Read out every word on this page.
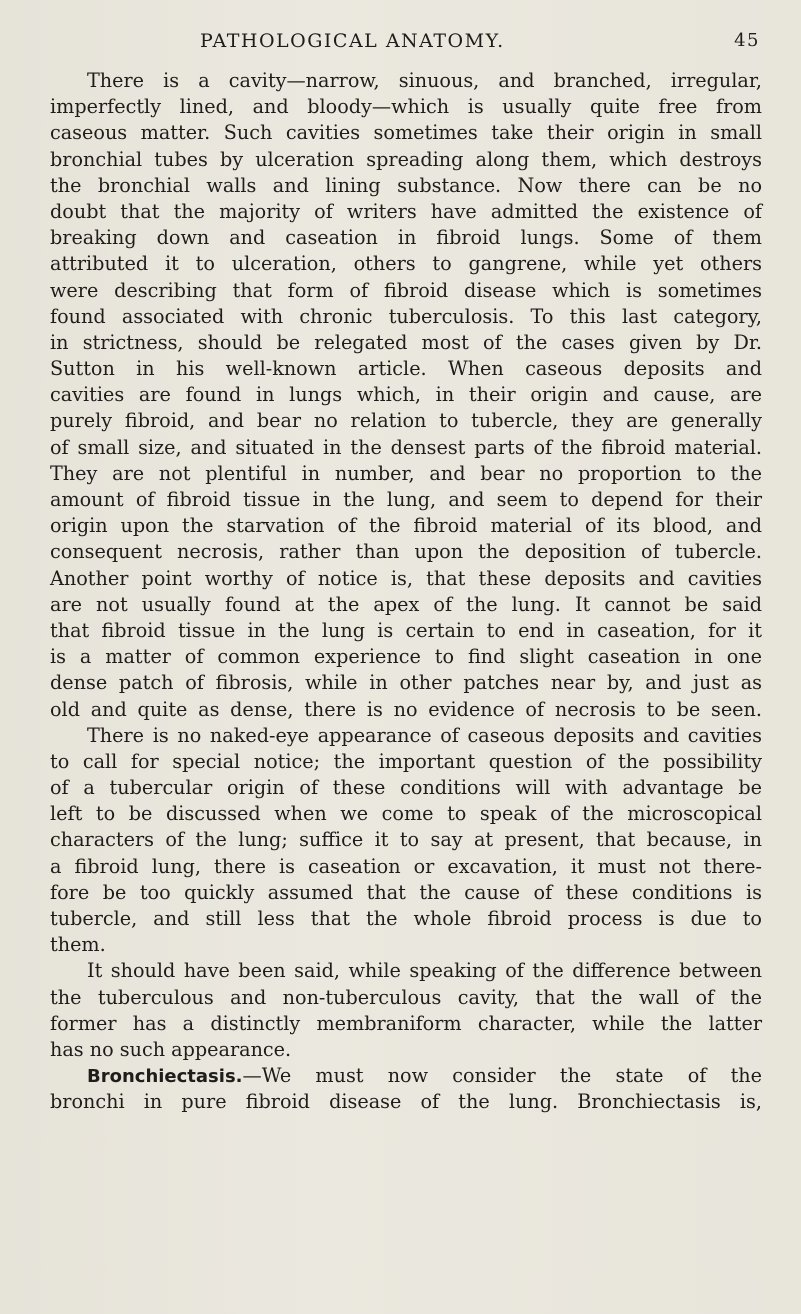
PATHOLOGICAL ANATOMY.	45
There is a cavity—narrow, sinuous, and branched, irregular,
imperfectly lined, and bloody—which is usually quite free from
caseous matter. Such cavities sometimes take their origin in small
bronchial tubes by ulceration spreading along them, which destroys
the bronchial walls and lining substance. Now there can be no
doubt that the majority of writers have admitted the existence of
breaking down and caseation in fibroid lungs. Some of them
attributed it to ulceration, others to gangrene, while yet others
were describing that form of fibroid disease which is sometimes
found associated with chronic tuberculosis. To this last category,
in strictness, should be relegated most of the cases given by Dr.
Sutton in his well-known article. When caseous deposits and
cavities are found in lungs which, in their origin and cause, are
purely fibroid, and bear no relation to tubercle, they are generally
of small size, and situated in the densest parts of the fibroid material.
They are not plentiful in number, and bear no proportion to the
amount of fibroid tissue in the lung, and seem to depend for their
origin upon the starvation of the fibroid material of its blood, and
consequent necrosis, rather than upon the deposition of tubercle.
Another point worthy of notice is, that these deposits and cavities
are not usually found at the apex of the lung. It cannot be said
that fibroid tissue in the lung is certain to end in caseation, for it
is a matter of common experience to find slight caseation in one
dense patch of fibrosis, while in other patches near by, and just as
old and quite as dense, there is no evidence of necrosis to be seen.
There is no naked-eye appearance of caseous deposits and cavities
to call for special notice; the important question of the possibility
of a tubercular origin of these conditions will with advantage be
left to be discussed when we come to speak of the microscopical
characters of the lung; suffice it to say at present, that because, in
a fibroid lung, there is caseation or excavation, it must not there-
fore be too quickly assumed that the cause of these conditions is
tubercle, and still less that the whole fibroid process is due to
them.
It should have been said, while speaking of the difference between
the tuberculous and non-tuberculous cavity, that the wall of the
former has a distinctly membraniform character, while the latter
has no such appearance.
Bronchiectasis.—We must now consider the state of the
bronchi in pure fibroid disease of the lung. Bronchiectasis is,
